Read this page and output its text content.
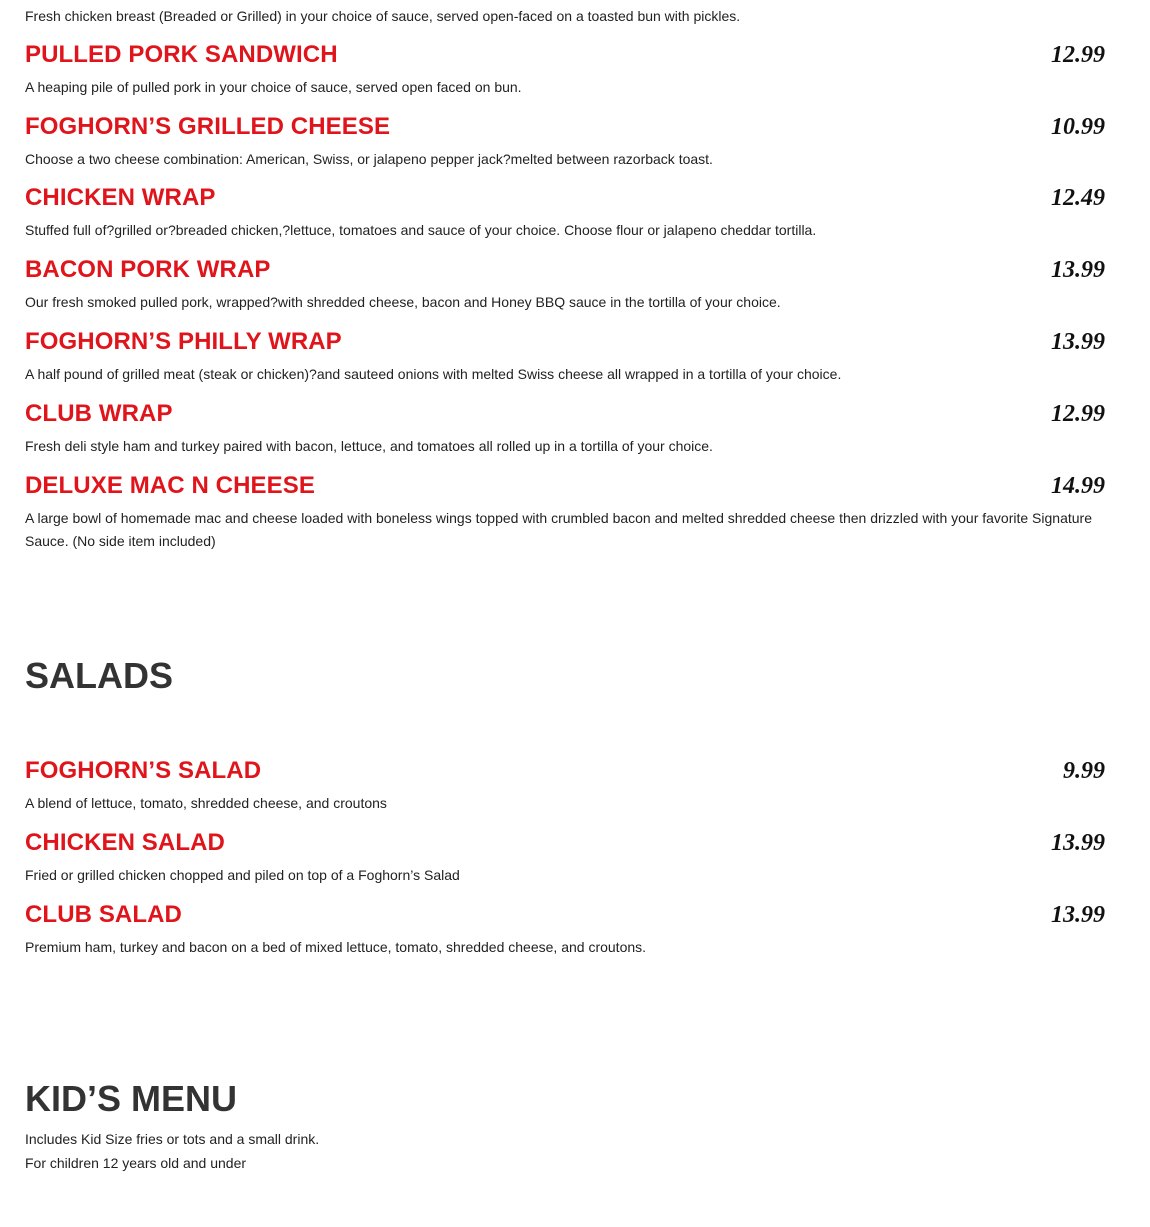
Fresh chicken breast (Breaded or Grilled) in your choice of sauce, served open-faced on a toasted bun with pickles.
PULLED PORK SANDWICH	12.99
A heaping pile of pulled pork in your choice of sauce, served open faced on bun.
FOGHORN’S GRILLED CHEESE	10.99
Choose a two cheese combination: American, Swiss, or jalapeno pepper jack?melted between razorback toast.
CHICKEN WRAP	12.49
Stuffed full of?grilled or?breaded chicken,?lettuce, tomatoes and sauce of your choice. Choose flour or jalapeno cheddar tortilla.
BACON PORK WRAP	13.99
Our fresh smoked pulled pork, wrapped?with shredded cheese, bacon and Honey BBQ sauce in the tortilla of your choice.
FOGHORN’S PHILLY WRAP	13.99
A half pound of grilled meat (steak or chicken)?and sauteed onions with melted Swiss cheese all wrapped in a tortilla of your choice.
CLUB WRAP	12.99
Fresh deli style ham and turkey paired with bacon, lettuce, and tomatoes all rolled up in a tortilla of your choice.
DELUXE MAC N CHEESE	14.99
A large bowl of homemade mac and cheese loaded with boneless wings topped with crumbled bacon and melted shredded cheese then drizzled with your favorite Signature Sauce. (No side item included)
SALADS
FOGHORN’S SALAD	9.99
A blend of lettuce, tomato, shredded cheese, and croutons
CHICKEN SALAD	13.99
Fried or grilled chicken chopped and piled on top of a Foghorn’s Salad
CLUB SALAD	13.99
Premium ham, turkey and bacon on a bed of mixed lettuce, tomato, shredded cheese, and croutons.
KID’S MENU
Includes Kid Size fries or tots and a small drink.
For children 12 years old and under
